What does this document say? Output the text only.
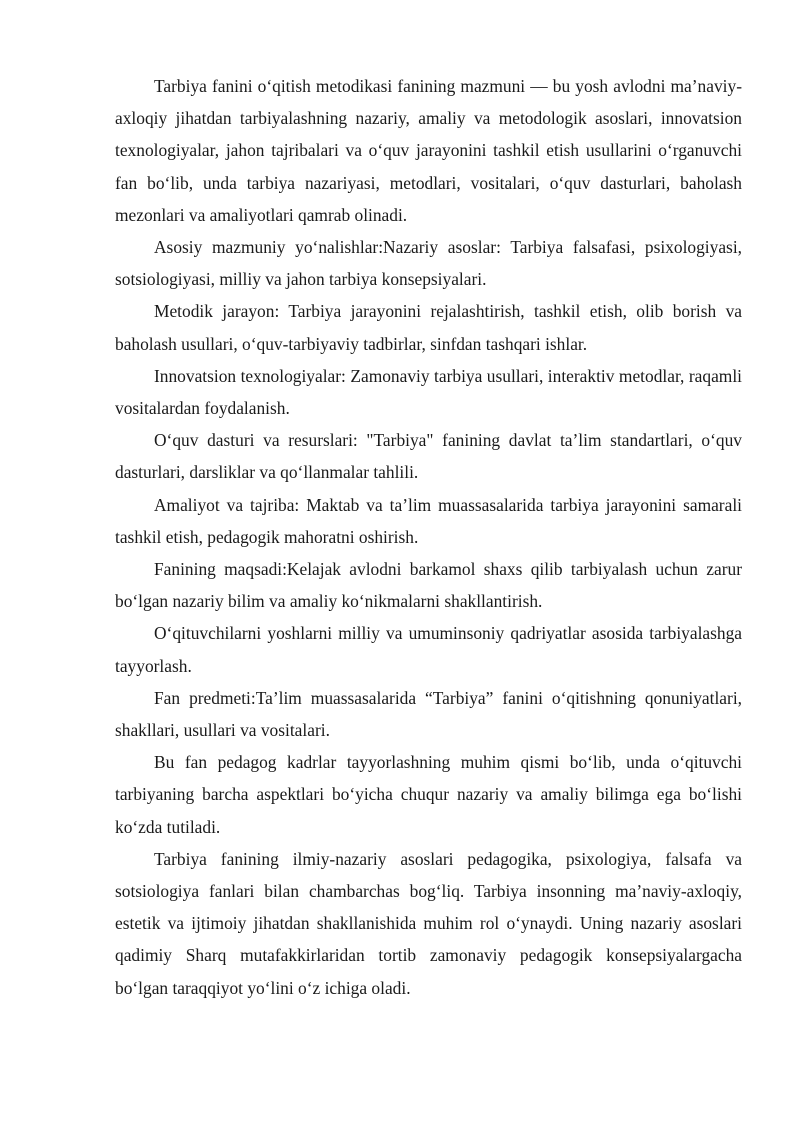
Tarbiya fanini o‘qitish metodikasi fanining mazmuni — bu yosh avlodni ma’naviy-axloqiy jihatdan tarbiyalashning nazariy, amaliy va metodologik asoslari, innovatsion texnologiyalar, jahon tajribalari va o‘quv jarayonini tashkil etish usullarini o‘rganuvchi fan bo‘lib, unda tarbiya nazariyasi, metodlari, vositalari, o‘quv dasturlari, baholash mezonlari va amaliyotlari qamrab olinadi.

Asosiy mazmuniy yo‘nalishlar:Nazariy asoslar: Tarbiya falsafasi, psixologiyasi, sotsiologiyasi, milliy va jahon tarbiya konsepsiyalari.

Metodik jarayon: Tarbiya jarayonini rejalashtirish, tashkil etish, olib borish va baholash usullari, o‘quv-tarbiyaviy tadbirlar, sinfdan tashqari ishlar.

Innovatsion texnologiyalar: Zamonaviy tarbiya usullari, interaktiv metodlar, raqamli vositalardan foydalanish.

O‘quv dasturi va resurslari: "Tarbiya" fanining davlat ta’lim standartlari, o‘quv dasturlari, darsliklar va qo‘llanmalar tahlili.

Amaliyot va tajriba: Maktab va ta’lim muassasalarida tarbiya jarayonini samarali tashkil etish, pedagogik mahoratni oshirish.

Fanining maqsadi:Kelajak avlodni barkamol shaxs qilib tarbiyalash uchun zarur bo‘lgan nazariy bilim va amaliy ko‘nikmalarni shakllantirish.

O‘qituvchilarni yoshlarni milliy va umuminsoniy qadriyatlar asosida tarbiyalashga tayyorlash.

Fan predmeti:Ta’lim muassasalarida “Tarbiya” fanini o‘qitishning qonuniyatlari, shakllari, usullari va vositalari.

Bu fan pedagog kadrlar tayyorlashning muhim qismi bo‘lib, unda o‘qituvchi tarbiyaning barcha aspektlari bo‘yicha chuqur nazariy va amaliy bilimga ega bo‘lishi ko‘zda tutiladi.

Tarbiya fanining ilmiy-nazariy asoslari pedagogika, psixologiya, falsafa va sotsiologiya fanlari bilan chambarchas bog‘liq. Tarbiya insonning ma’naviy-axloqiy, estetik va ijtimoiy jihatdan shakllanishida muhim rol o‘ynaydi. Uning nazariy asoslari qadimiy Sharq mutafakkirlaridan tortib zamonaviy pedagogik konsepsiyalargacha bo‘lgan taraqqiyot yo‘lini o‘z ichiga oladi.
